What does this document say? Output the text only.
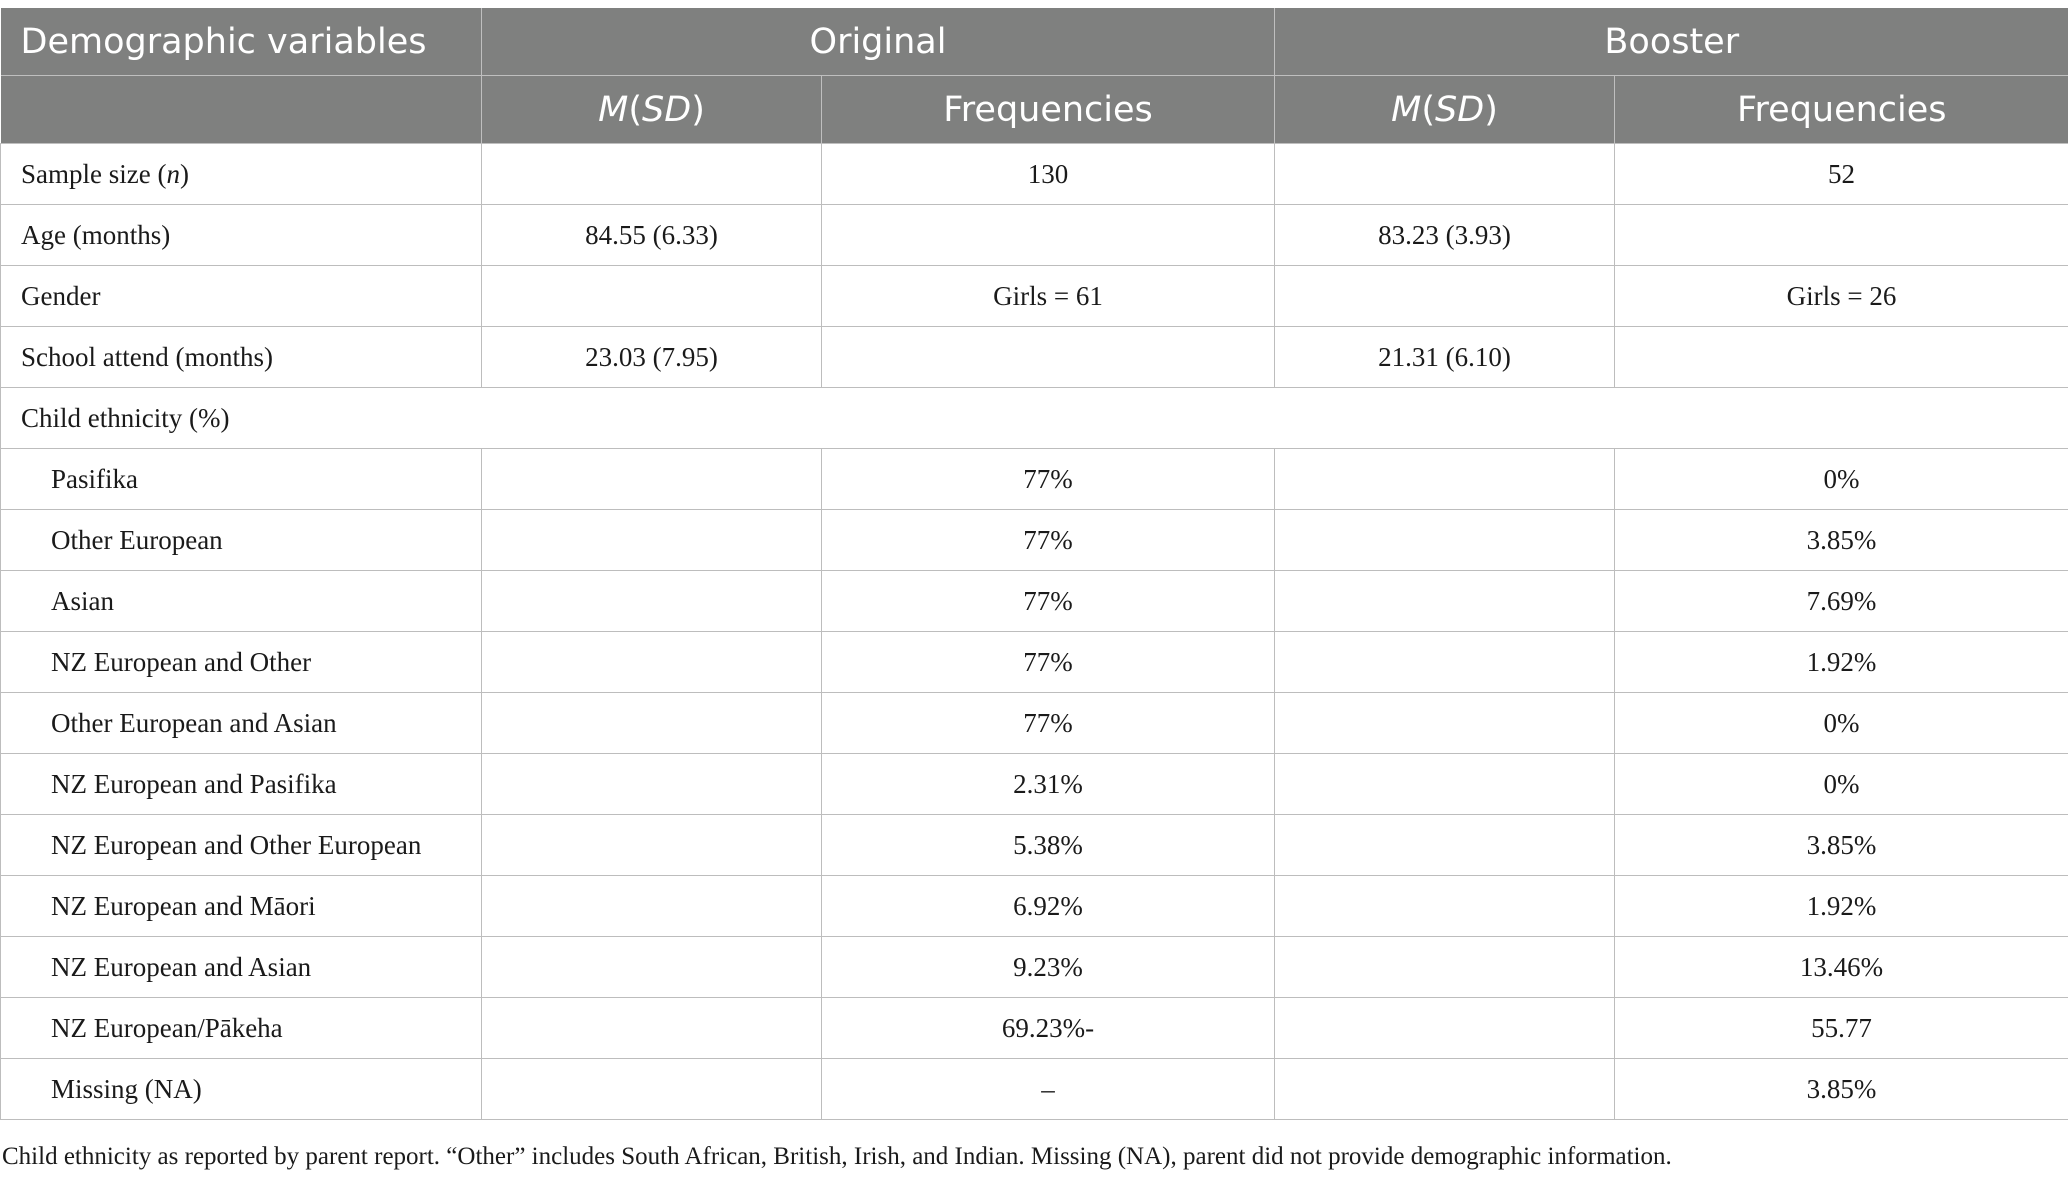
Demographic variables	Original		Booster	
	M(SD)	Frequencies	M(SD)	Frequencies
Sample size (n)		130		52
Age (months)	84.55 (6.33)		83.23 (3.93)	
Gender		Girls = 61		Girls = 26
School attend (months)	23.03 (7.95)		21.31 (6.10)	
Child ethnicity (%)				
Pasifika		77%		0%
Other European		77%		3.85%
Asian		77%		7.69%
NZ European and Other		77%		1.92%
Other European and Asian		77%		0%
NZ European and Pasifika		2.31%		0%
NZ European and Other European		5.38%		3.85%
NZ European and Māori		6.92%		1.92%
NZ European and Asian		9.23%		13.46%
NZ European/Pākeha		69.23%-		55.77
Missing (NA)		–		3.85%
Child ethnicity as reported by parent report. “Other” includes South African, British, Irish, and Indian. Missing (NA), parent did not provide demographic information.
